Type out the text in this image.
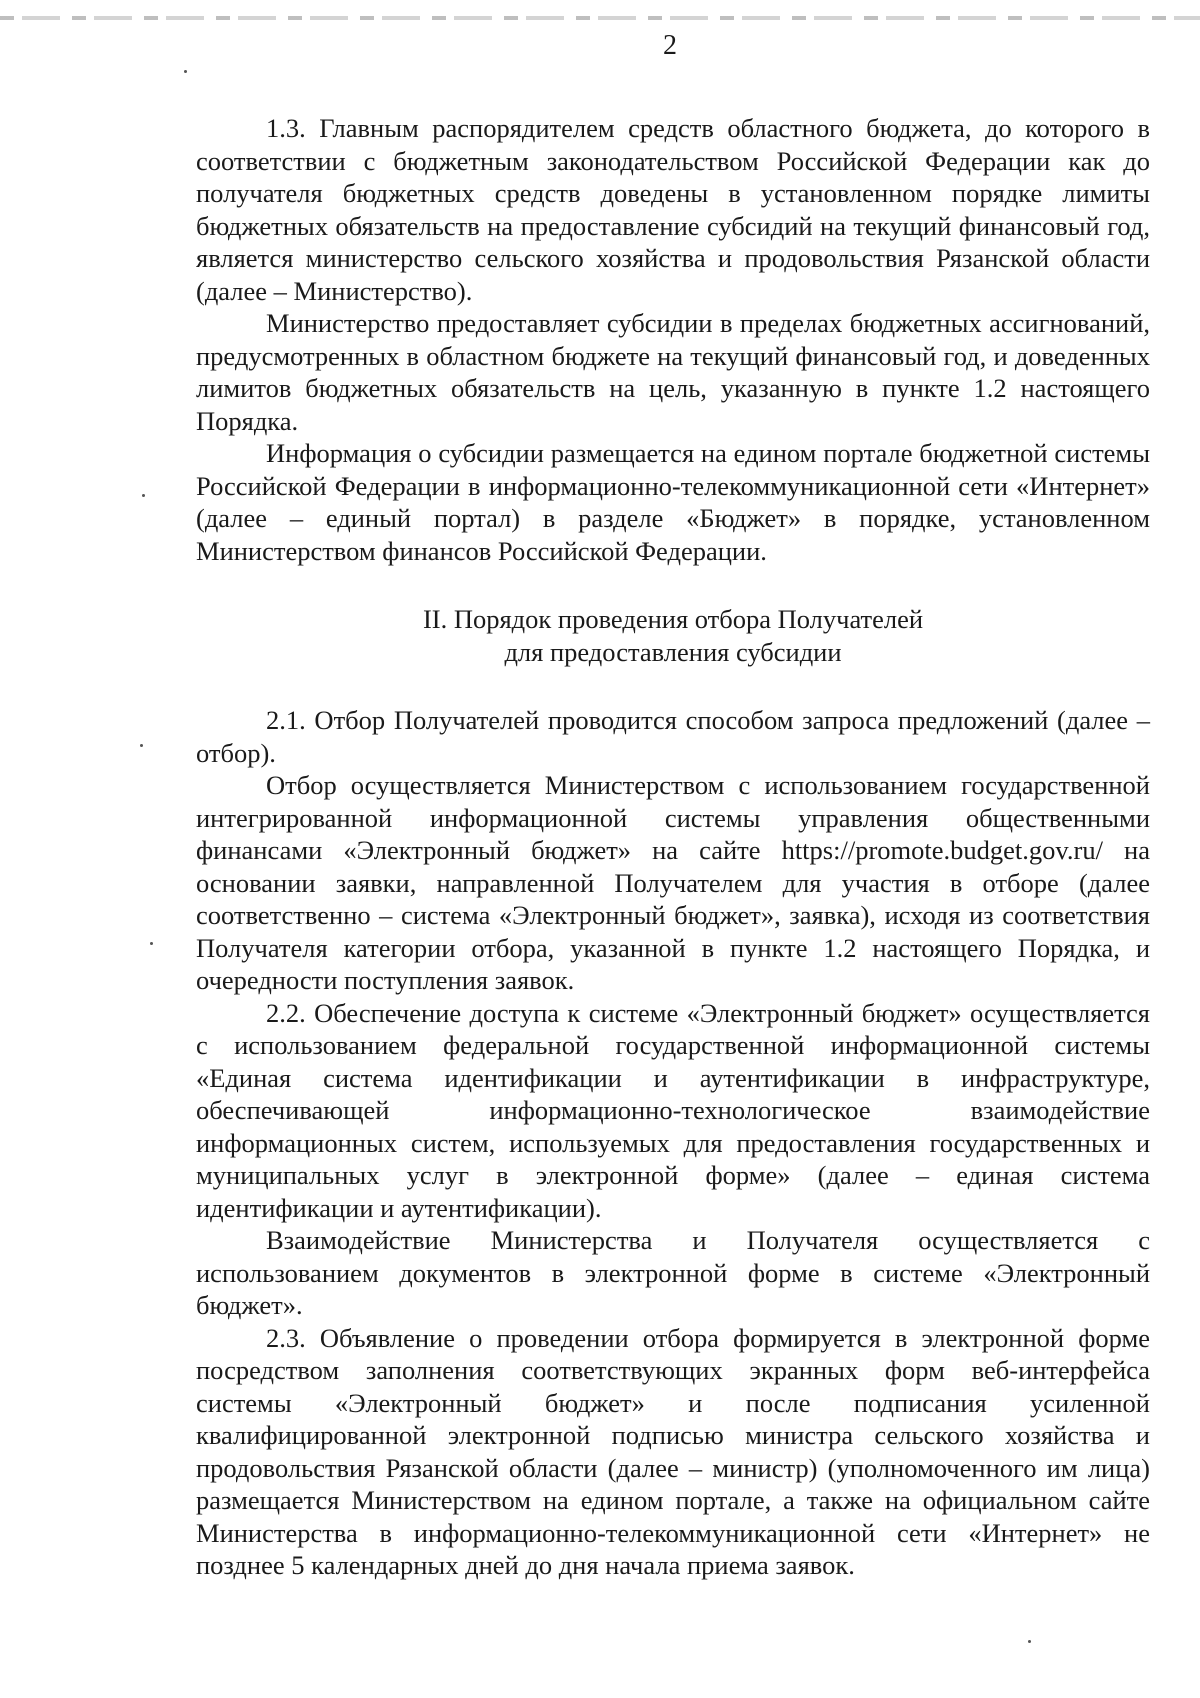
2

1.3. Главным распорядителем средств областного бюджета, до которого в соответствии с бюджетным законодательством Российской Федерации как до получателя бюджетных средств доведены в установленном порядке лимиты бюджетных обязательств на предоставление субсидий на текущий финансовый год, является министерство сельского хозяйства и продовольствия Рязанской области (далее – Министерство).

Министерство предоставляет субсидии в пределах бюджетных ассигнований, предусмотренных в областном бюджете на текущий финансовый год, и доведенных лимитов бюджетных обязательств на цель, указанную в пункте 1.2 настоящего Порядка.

Информация о субсидии размещается на едином портале бюджетной системы Российской Федерации в информационно-телекоммуникационной сети «Интернет» (далее – единый портал) в разделе «Бюджет» в порядке, установленном Министерством финансов Российской Федерации.

II. Порядок проведения отбора Получателей
для предоставления субсидии

2.1. Отбор Получателей проводится способом запроса предложений (далее – отбор).

Отбор осуществляется Министерством с использованием государственной интегрированной информационной системы управления общественными финансами «Электронный бюджет» на сайте https://promote.budget.gov.ru/ на основании заявки, направленной Получателем для участия в отборе (далее соответственно – система «Электронный бюджет», заявка), исходя из соответствия Получателя категории отбора, указанной в пункте 1.2 настоящего Порядка, и очередности поступления заявок.

2.2. Обеспечение доступа к системе «Электронный бюджет» осуществляется с использованием федеральной государственной информационной системы «Единая система идентификации и аутентификации в инфраструктуре, обеспечивающей информационно-технологическое взаимодействие информационных систем, используемых для предоставления государственных и муниципальных услуг в электронной форме» (далее – единая система идентификации и аутентификации).

Взаимодействие Министерства и Получателя осуществляется с использованием документов в электронной форме в системе «Электронный бюджет».

2.3. Объявление о проведении отбора формируется в электронной форме посредством заполнения соответствующих экранных форм веб-интерфейса системы «Электронный бюджет» и после подписания усиленной квалифицированной электронной подписью министра сельского хозяйства и продовольствия Рязанской области (далее – министр) (уполномоченного им лица) размещается Министерством на едином портале, а также на официальном сайте Министерства в информационно-телекоммуникационной сети «Интернет» не позднее 5 календарных дней до дня начала приема заявок.
